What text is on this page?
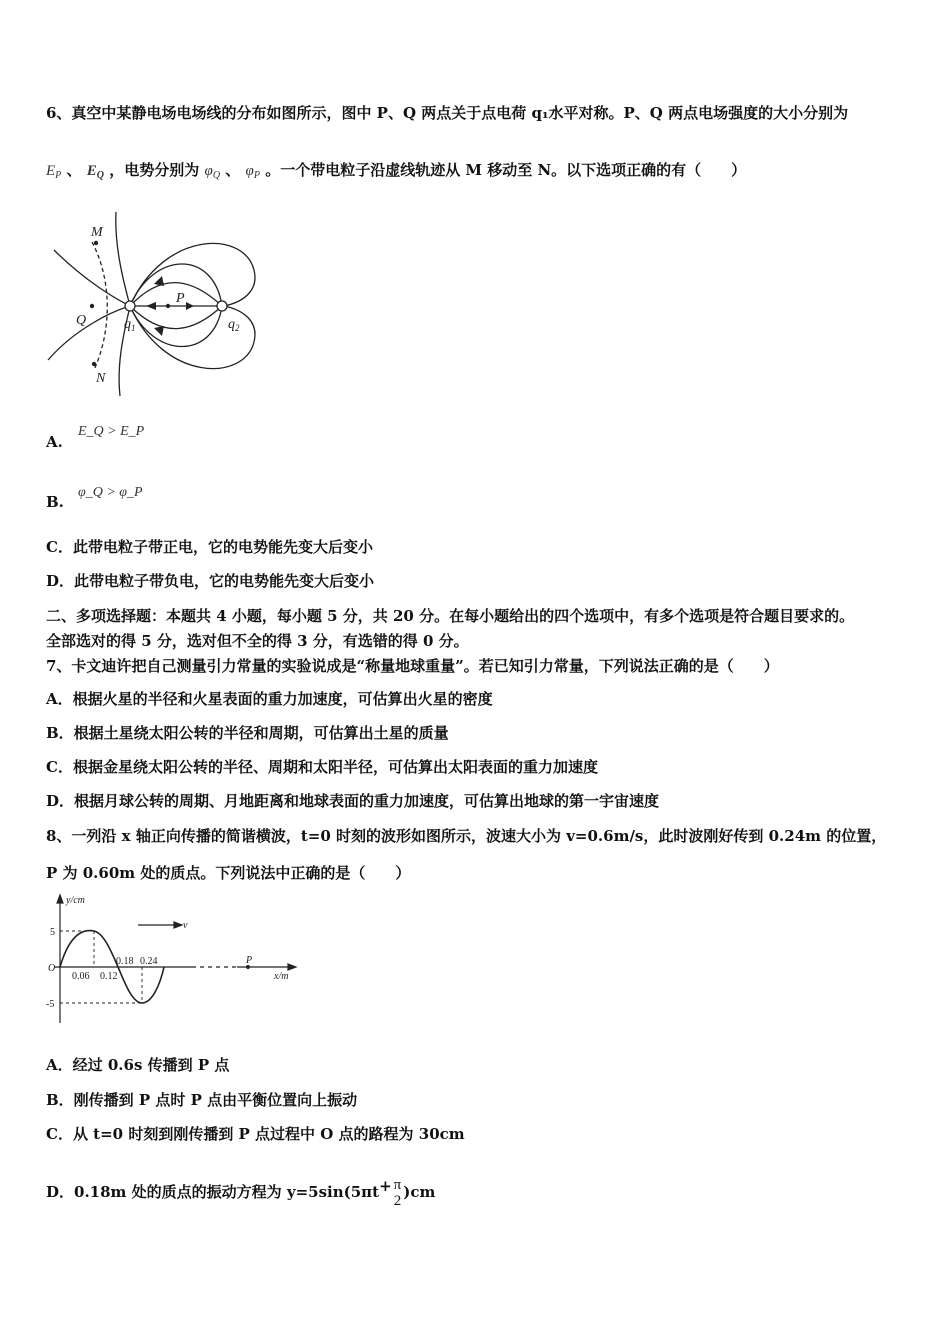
6、真空中某静电场电场线的分布如图所示，图中 P、Q 两点关于点电荷 q₁水平对称。P、Q 两点电场强度的大小分别为
$E_P$ 、 $E_Q$ ，电势分别为 $\varphi_Q$ 、 $\varphi_P$ 。一个带电粒子沿虚线轨迹从 M 移动至 N。以下选项正确的有（　　）
M
N
P
Q	$q_1$	$q_2$
A.
E_Q > E_P
B.
φ_Q > φ_P
C．此带电粒子带正电，它的电势能先变大后变小
D．此带电粒子带负电，它的电势能先变大后变小
二、多项选择题：本题共 4 小题，每小题 5 分，共 20 分。在每小题给出的四个选项中，有多个选项是符合题目要求的。
全部选对的得 5 分，选对但不全的得 3 分，有选错的得 0 分。
7、卡文迪许把自己测量引力常量的实验说成是“称量地球重量”。若已知引力常量，下列说法正确的是（　　）
A．根据火星的半径和火星表面的重力加速度，可估算出火星的密度
B．根据土星绕太阳公转的半径和周期，可估算出土星的质量
C．根据金星绕太阳公转的半径、周期和太阳半径，可估算出太阳表面的重力加速度
D．根据月球公转的周期、月地距离和地球表面的重力加速度，可估算出地球的第一宇宙速度
8、一列沿 x 轴正向传播的简谐横波，t=0 时刻的波形如图所示，波速大小为 v=0.6m/s，此时波刚好传到 0.24m 的位置，
P 为 0.60m 处的质点。下列说法中正确的是（　　）
y/cm
x/m
v
O
5
-5
0.06 0.12
0.18 0.24	P
A．经过 0.6s 传播到 P 点
B．刚传播到 P 点时 P 点由平衡位置向上振动
C．从 t=0 时刻到刚传播到 P 点过程中 O 点的路程为 30cm
D．0.18m 处的质点的振动方程为 y=5sin(5πt+ π
2 )cm
